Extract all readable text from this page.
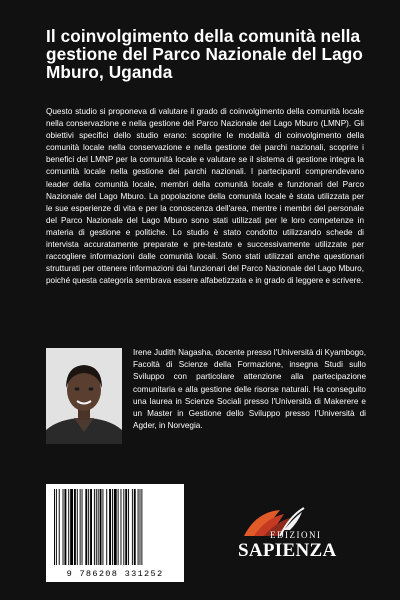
Il coinvolgimento della comunità nella gestione del Parco Nazionale del Lago Mburo, Uganda

Questo studio si proponeva di valutare il grado di coinvolgimento della comunità locale nella conservazione e nella gestione del Parco Nazionale del Lago Mburo (LMNP). Gli obiettivi specifici dello studio erano: scoprire le modalità di coinvolgimento della comunità locale nella conservazione e nella gestione dei parchi nazionali, scoprire i benefici del LMNP per la comunità locale e valutare se il sistema di gestione integra la comunità locale nella gestione dei parchi nazionali. I partecipanti comprendevano leader della comunità locale, membri della comunità locale e funzionari del Parco Nazionale del Lago Mburo. La popolazione della comunità locale è stata utilizzata per le sue esperienze di vita e per la conoscenza dell'area, mentre i membri del personale del Parco Nazionale del Lago Mburo sono stati utilizzati per le loro competenze in materia di gestione e politiche. Lo studio è stato condotto utilizzando schede di intervista accuratamente preparate e pre-testate e successivamente utilizzate per raccogliere informazioni dalle comunità locali. Sono stati utilizzati anche questionari strutturati per ottenere informazioni dai funzionari del Parco Nazionale del Lago Mburo, poiché questa categoria sembrava essere alfabetizzata e in grado di leggere e scrivere.

Irene Judith Nagasha, docente presso l'Università di Kyambogo, Facoltà di Scienze della Formazione, insegna Studi sullo Sviluppo con particolare attenzione alla partecipazione comunitaria e alla gestione delle risorse naturali. Ha conseguito una laurea in Scienze Sociali presso l'Università di Makerere e un Master in Gestione dello Sviluppo presso l'Università di Agder, in Norvegia.

9 786208 331252
EDIZIONI
SAPIENZA
